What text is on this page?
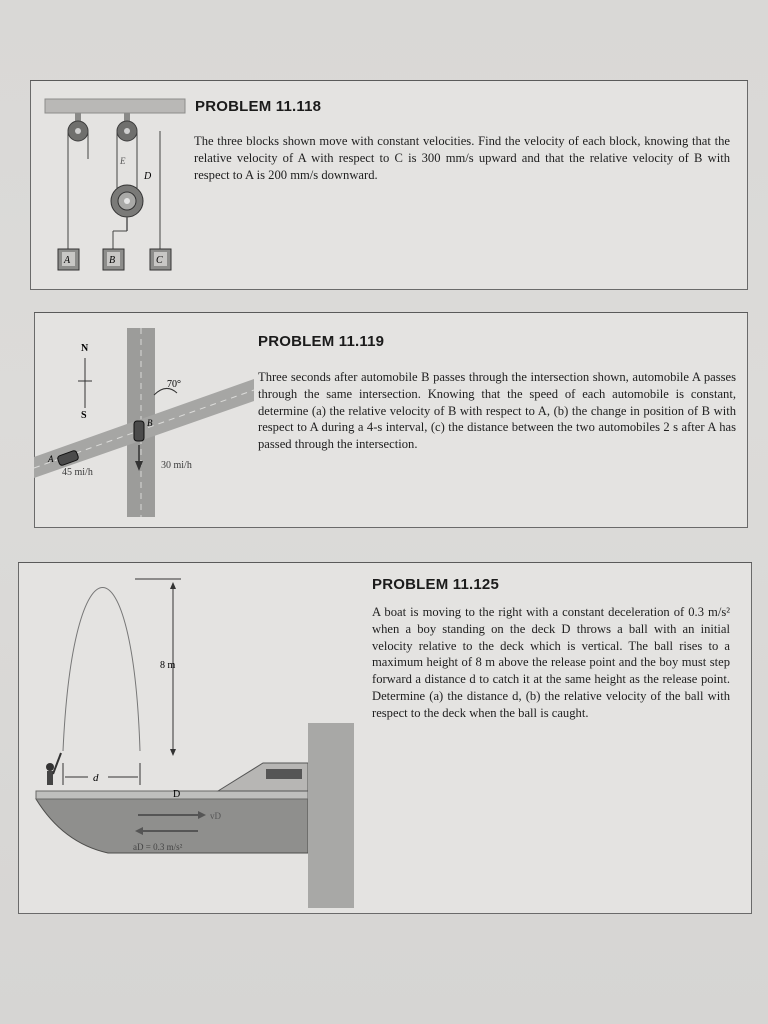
PROBLEM 11.118
The three blocks shown move with constant velocities. Find the velocity of each block, knowing that the relative velocity of A with respect to C is 300 mm/s upward and that the relative velocity of B with respect to A is 200 mm/s downward.
D
E
A	B	C
PROBLEM 11.119
Three seconds after automobile B passes through the intersection shown, automobile A passes through the same intersection. Knowing that the speed of each automobile is constant, determine (a) the relative velocity of B with respect to A, (b) the change in position of B with respect to A during a 4-s interval, (c) the distance between the two automobiles 2 s after A has passed through the intersection.
N
S
70°
B
A
45 mi/h
30 mi/h
PROBLEM 11.125
A boat is moving to the right with a constant deceleration of 0.3 m/s² when a boy standing on the deck D throws a ball with an initial velocity relative to the deck which is vertical. The ball rises to a maximum height of 8 m above the release point and the boy must step forward a distance d to catch it at the same height as the release point. Determine (a) the distance d, (b) the relative velocity of the ball with respect to the deck when the ball is caught.
8 m
d
D
vD
aD = 0.3 m/s²
